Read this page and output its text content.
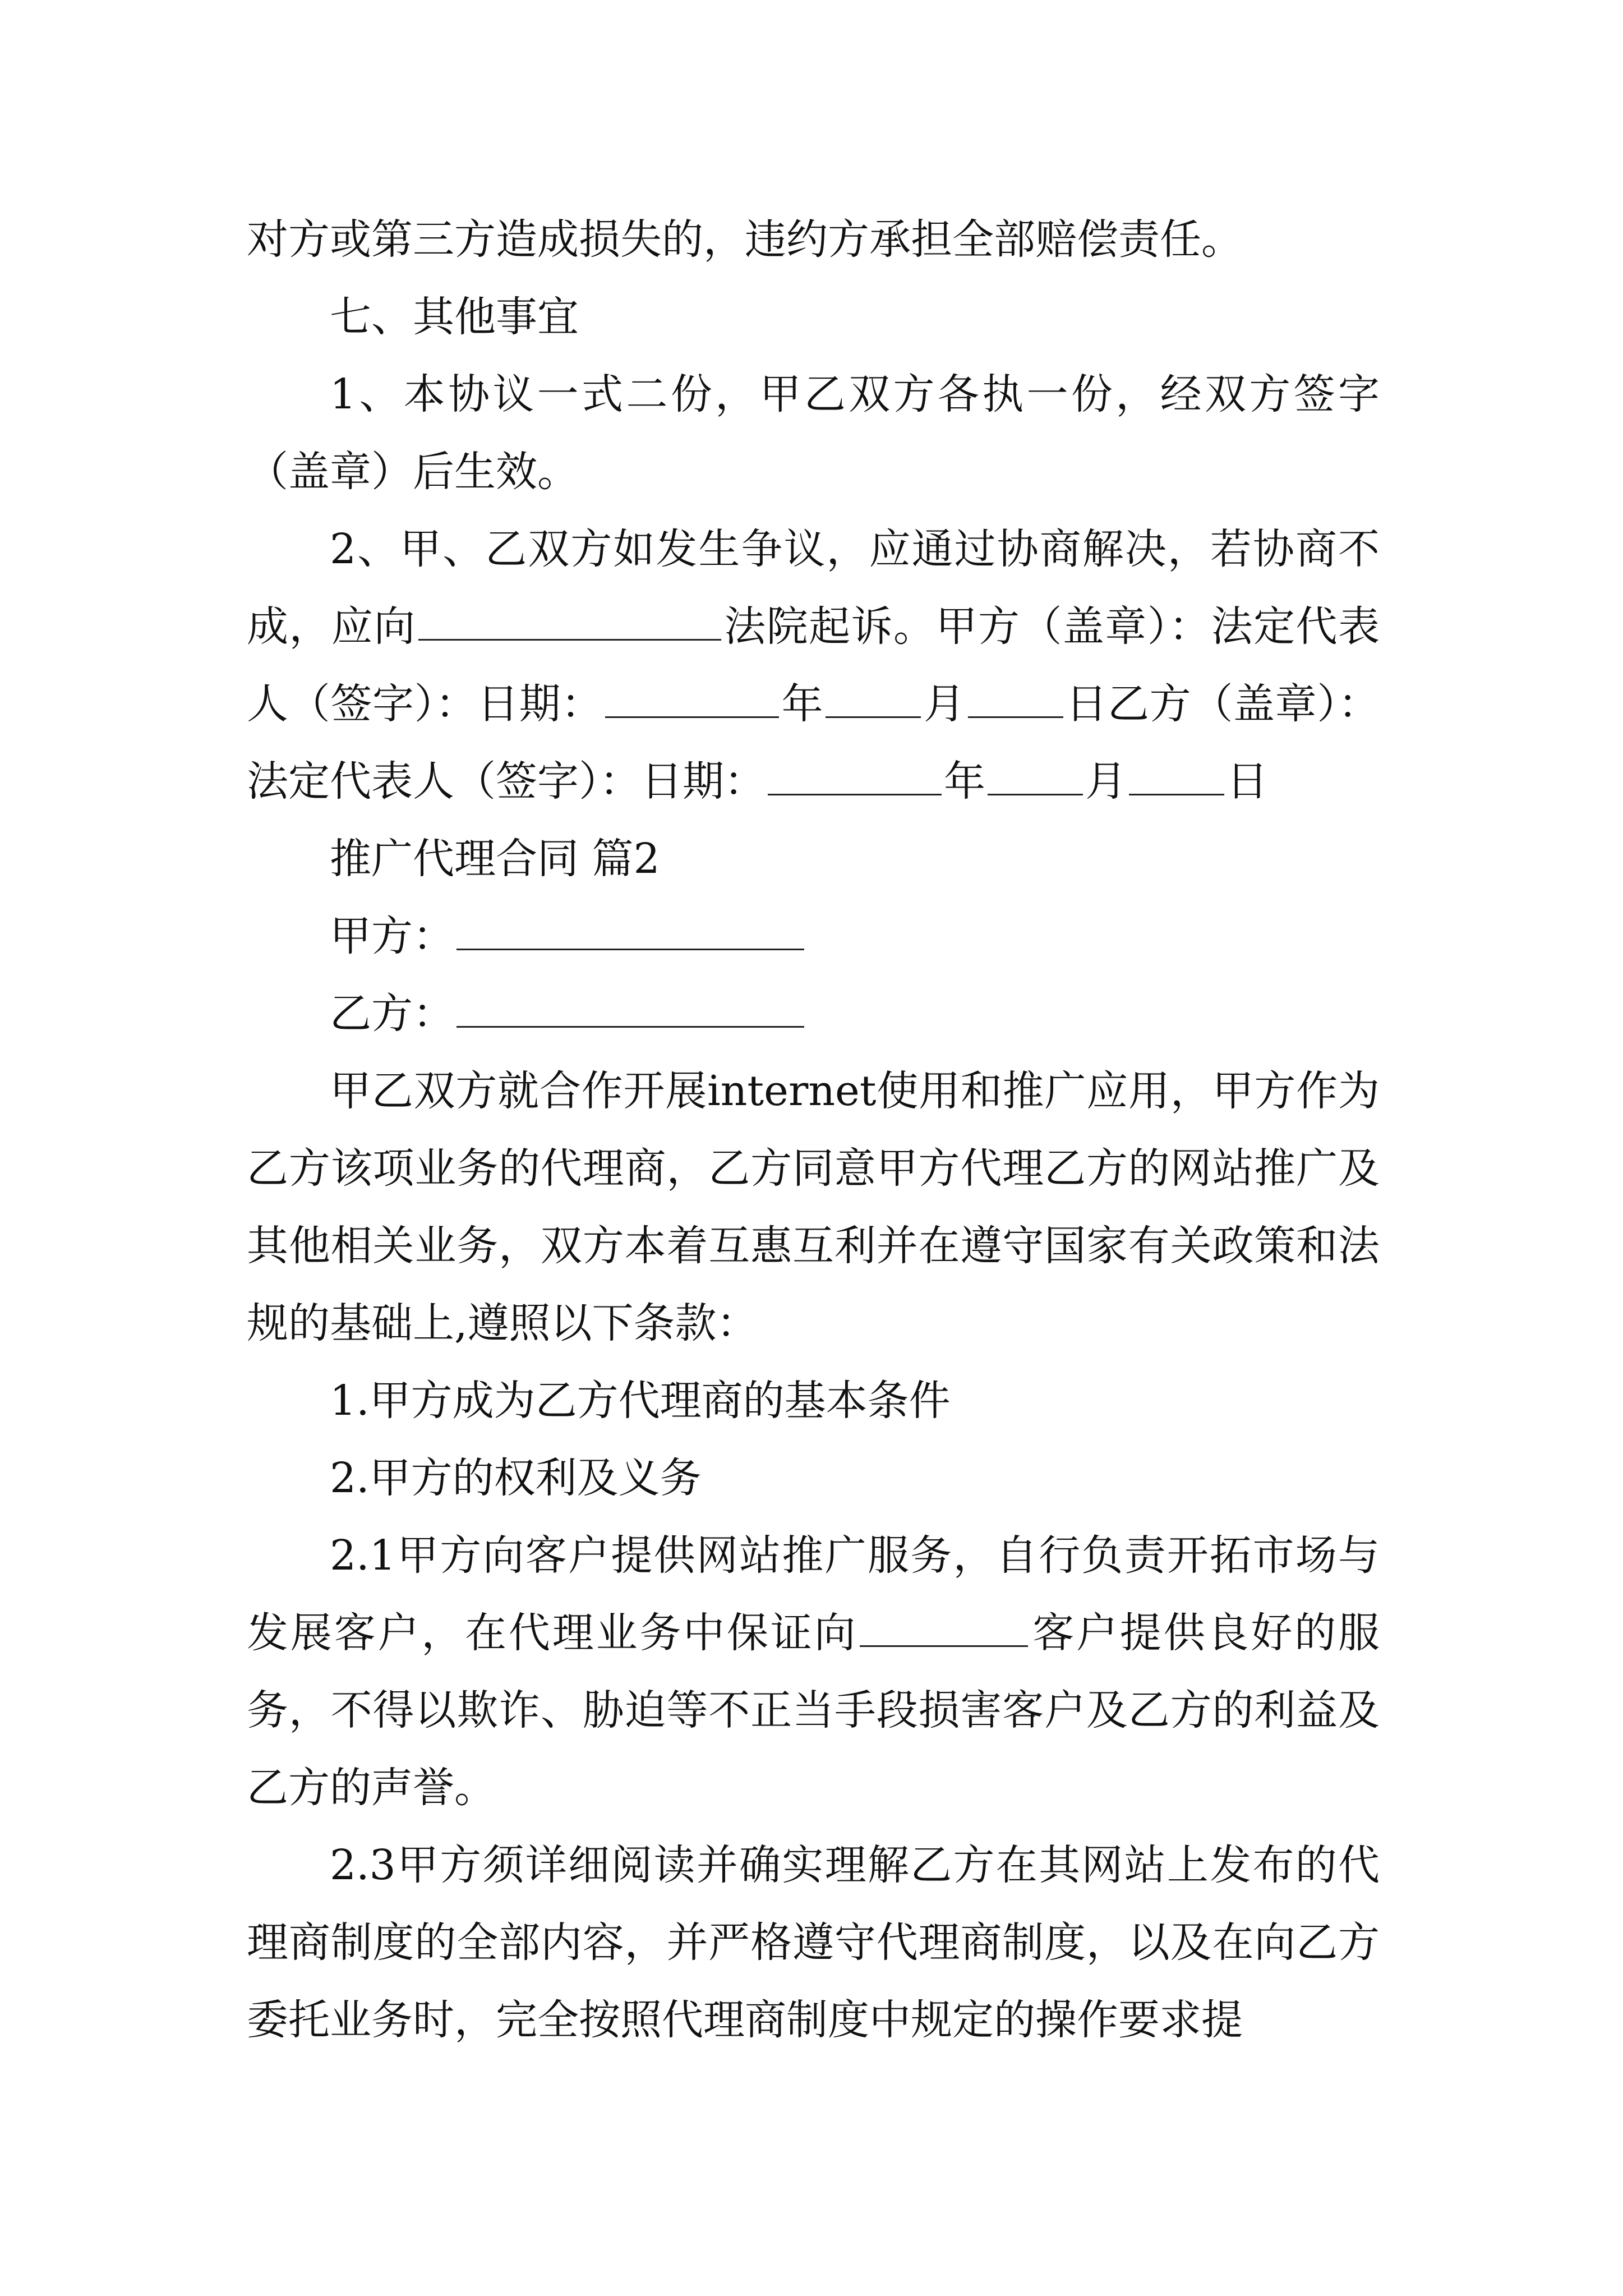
对方或第三方造成损失的，违约方承担全部赔偿责任。

七、其他事宜

1、本协议一式二份，甲乙双方各执一份，经双方签字（盖章）后生效。

2、甲、乙双方如发生争议，应通过协商解决，若协商不成，应向	法院起诉。甲方（盖章）：法定代表人（签字）：日期：	年 月 日乙方（盖章）：法定代表人（签字）：日期：	年 月 日

推广代理合同 篇2

甲方：

乙方：

甲乙双方就合作开展internet使用和推广应用，甲方作为乙方该项业务的代理商，乙方同意甲方代理乙方的网站推广及其他相关业务，双方本着互惠互利并在遵守国家有关政策和法规的基础上,遵照以下条款：

1.甲方成为乙方代理商的基本条件

2.甲方的权利及义务

2.1甲方向客户提供网站推广服务，自行负责开拓市场与发展客户，在代理业务中保证向	客户提供良好的服务，不得以欺诈、胁迫等不正当手段损害客户及乙方的利益及乙方的声誉。

2.3甲方须详细阅读并确实理解乙方在其网站上发布的代理商制度的全部内容，并严格遵守代理商制度，以及在向乙方委托业务时，完全按照代理商制度中规定的操作要求提
